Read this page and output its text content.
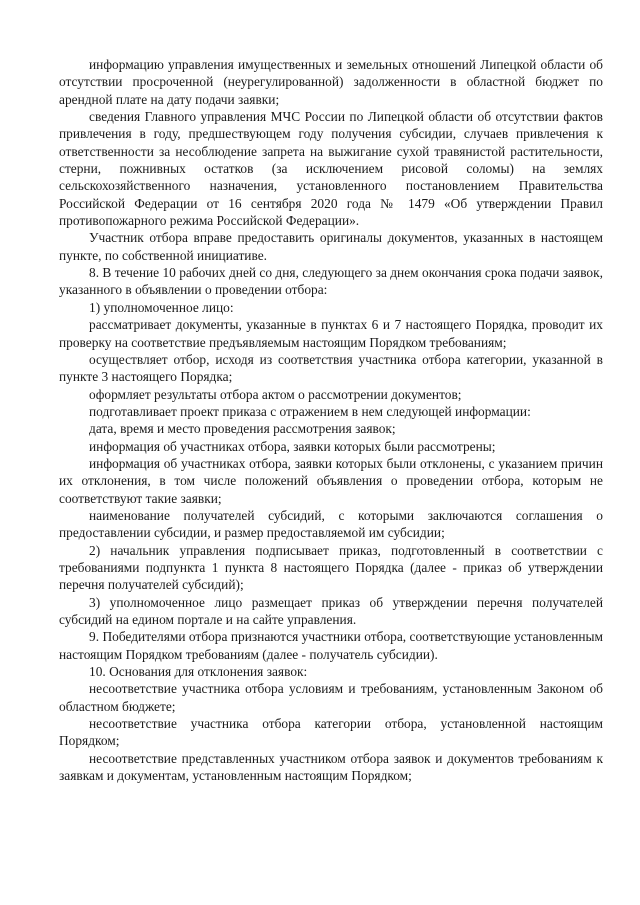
информацию управления имущественных и земельных отношений Липецкой области об отсутствии просроченной (неурегулированной) задолженности в областной бюджет по арендной плате на дату подачи заявки;

сведения Главного управления МЧС России по Липецкой области об отсутствии фактов привлечения в году, предшествующем году получения субсидии, случаев привлечения к ответственности за несоблюдение запрета на выжигание сухой травянистой растительности, стерни, пожнивных остатков (за исключением рисовой соломы) на землях сельскохозяйственного назначения, установленного постановлением Правительства Российской Федерации от 16 сентября 2020 года № 1479 «Об утверждении Правил противопожарного режима Российской Федерации».

Участник отбора вправе предоставить оригиналы документов, указанных в настоящем пункте, по собственной инициативе.

8. В течение 10 рабочих дней со дня, следующего за днем окончания срока подачи заявок, указанного в объявлении о проведении отбора:

1) уполномоченное лицо:

рассматривает документы, указанные в пунктах 6 и 7 настоящего Порядка, проводит их проверку на соответствие предъявляемым настоящим Порядком требованиям;

осуществляет отбор, исходя из соответствия участника отбора категории, указанной в пункте 3 настоящего Порядка;

оформляет результаты отбора актом о рассмотрении документов;

подготавливает проект приказа с отражением в нем следующей информации:

дата, время и место проведения рассмотрения заявок;

информация об участниках отбора, заявки которых были рассмотрены;

информация об участниках отбора, заявки которых были отклонены, с указанием причин их отклонения, в том числе положений объявления о проведении отбора, которым не соответствуют такие заявки;

наименование получателей субсидий, с которыми заключаются соглашения о предоставлении субсидии, и размер предоставляемой им субсидии;

2) начальник управления подписывает приказ, подготовленный в соответствии с требованиями подпункта 1 пункта 8 настоящего Порядка (далее - приказ об утверждении перечня получателей субсидий);

3) уполномоченное лицо размещает приказ об утверждении перечня получателей субсидий на едином портале и на сайте управления.

9. Победителями отбора признаются участники отбора, соответствующие установленным настоящим Порядком требованиям (далее - получатель субсидии).

10. Основания для отклонения заявок:

несоответствие участника отбора условиям и требованиям, установленным Законом об областном бюджете;

несоответствие участника отбора категории отбора, установленной настоящим Порядком;

несоответствие представленных участником отбора заявок и документов требованиям к заявкам и документам, установленным настоящим Порядком;
